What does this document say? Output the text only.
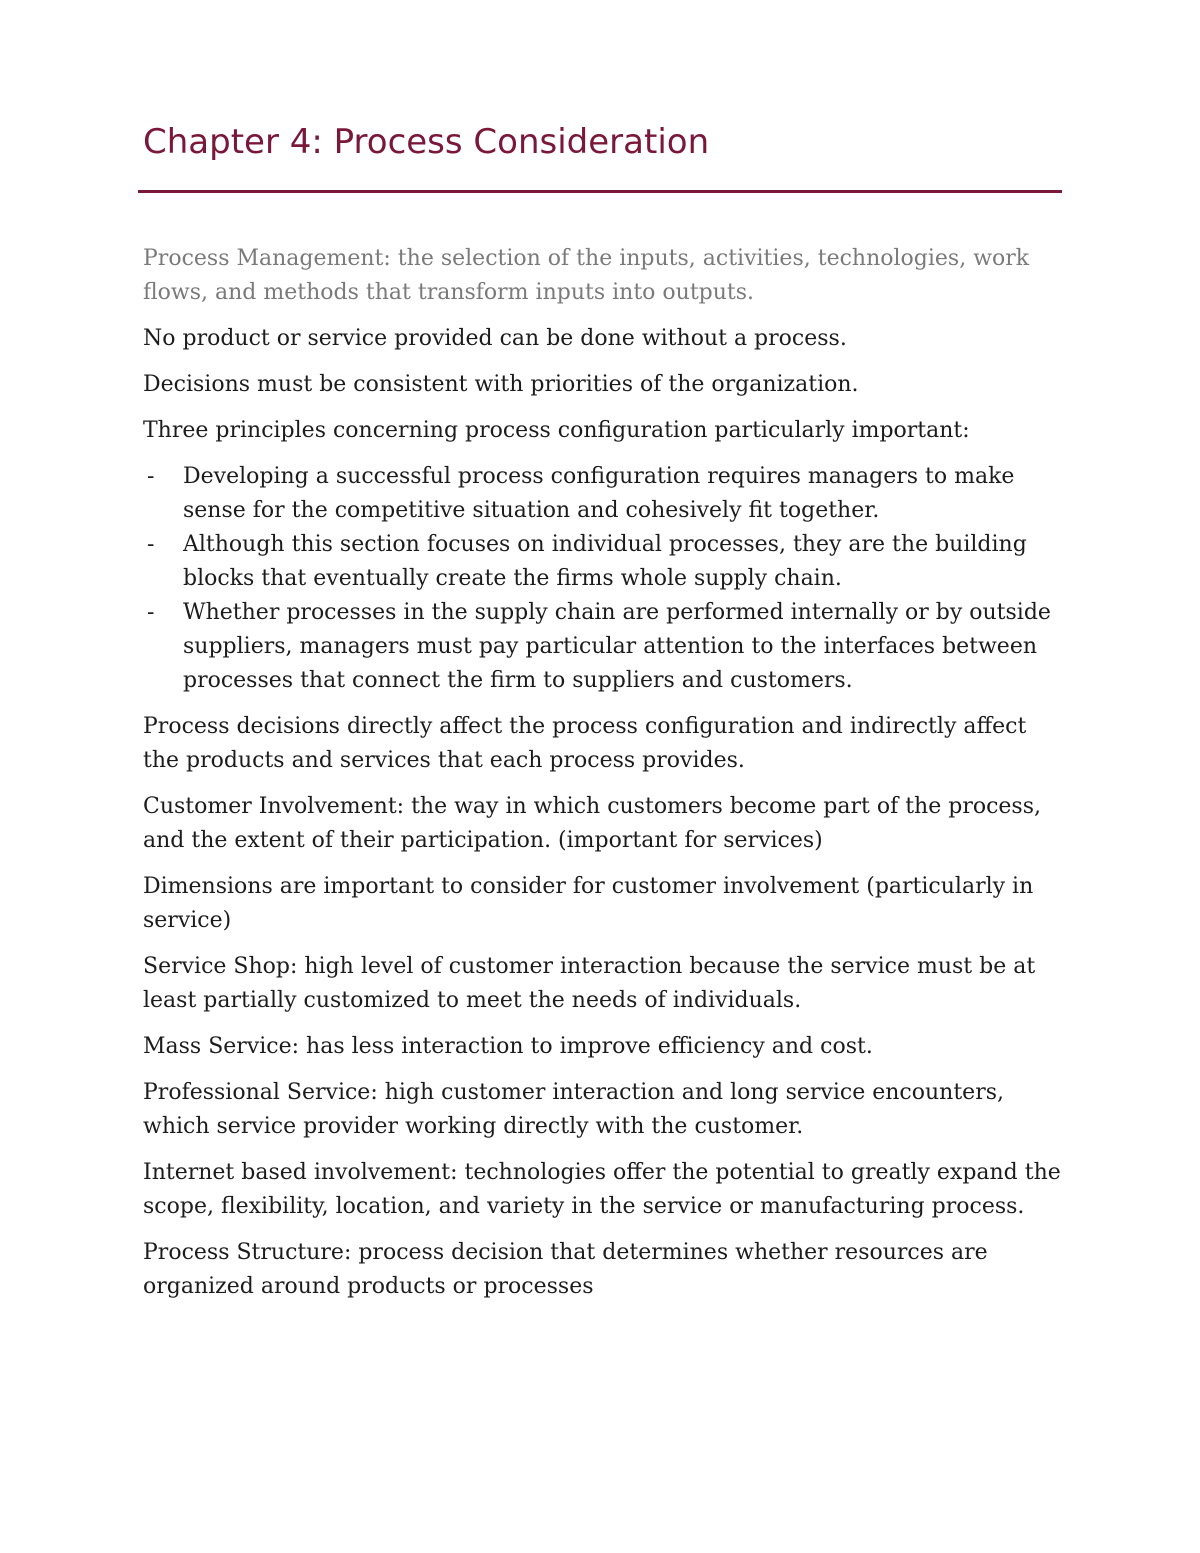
Chapter 4: Process Consideration

Process Management: the selection of the inputs, activities, technologies, work flows, and methods that transform inputs into outputs.

No product or service provided can be done without a process.

Decisions must be consistent with priorities of the organization.

Three principles concerning process configuration particularly important:

- Developing a successful process configuration requires managers to make sense for the competitive situation and cohesively fit together.
- Although this section focuses on individual processes, they are the building blocks that eventually create the firms whole supply chain.
- Whether processes in the supply chain are performed internally or by outside suppliers, managers must pay particular attention to the interfaces between processes that connect the firm to suppliers and customers.

Process decisions directly affect the process configuration and indirectly affect the products and services that each process provides.

Customer Involvement: the way in which customers become part of the process, and the extent of their participation. (important for services)

Dimensions are important to consider for customer involvement (particularly in service)

Service Shop: high level of customer interaction because the service must be at least partially customized to meet the needs of individuals.

Mass Service: has less interaction to improve efficiency and cost.

Professional Service: high customer interaction and long service encounters, which service provider working directly with the customer.

Internet based involvement: technologies offer the potential to greatly expand the scope, flexibility, location, and variety in the service or manufacturing process.

Process Structure: process decision that determines whether resources are organized around products or processes
